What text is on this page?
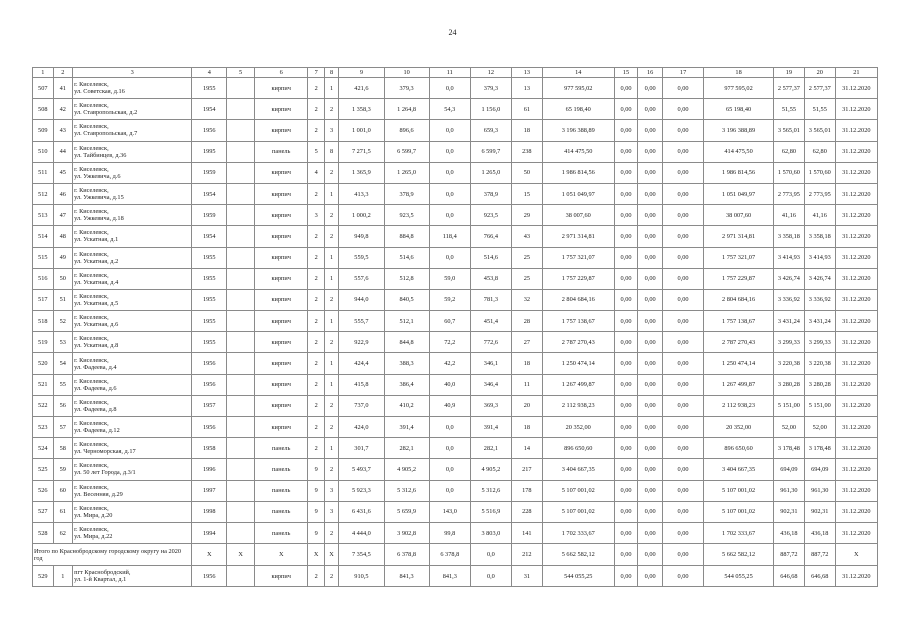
24
1	2	3	4	5	6	7	8	9	10	11	12	13	14	15	16	17	18	19	20	21
507	41	г. Киселевск,
ул. Советская, д.16	1955		кирпич	2	1	421,6	379,3	0,0	379,3	13	977 595,02	0,00	0,00	0,00	977 595,02	2 577,37	2 577,37	31.12.2020
508	42	г. Киселевск,
ул. Ставропольская, д.2	1954		кирпич	2	2	1 358,3	1 264,8	54,3	1 156,0	61	65 198,40	0,00	0,00	0,00	65 198,40	51,55	51,55	31.12.2020
509	43	г. Киселевск,
ул. Ставропольская, д.7	1956		кирпич	2	3	1 001,0	896,6	0,0	659,3	18	3 196 388,89	0,00	0,00	0,00	3 196 388,89	3 565,01	3 565,01	31.12.2020
510	44	г. Киселевск,
ул. Тайбинцев, д.36	1995		панель	5	8	7 271,5	6 599,7	0,0	6 599,7	238	414 475,50	0,00	0,00	0,00	414 475,50	62,80	62,80	31.12.2020
511	45	г. Киселевск,
ул. Ужкевича, д.6	1959		кирпич	4	2	1 365,9	1 265,0	0,0	1 265,0	50	1 986 814,56	0,00	0,00	0,00	1 986 814,56	1 570,60	1 570,60	31.12.2020
512	46	г. Киселевск,
ул. Ужкевича, д.15	1954		кирпич	2	1	413,3	378,9	0,0	378,9	15	1 051 049,97	0,00	0,00	0,00	1 051 049,97	2 773,95	2 773,95	31.12.2020
513	47	г. Киселевск,
ул. Ужкевича, д.18	1959		кирпич	3	2	1 000,2	923,5	0,0	923,5	29	38 007,60	0,00	0,00	0,00	38 007,60	41,16	41,16	31.12.2020
514	48	г. Киселевск,
ул. Ускатная, д.1	1954		кирпич	2	2	949,8	884,8	118,4	766,4	43	2 971 314,81	0,00	0,00	0,00	2 971 314,81	3 358,18	3 358,18	31.12.2020
515	49	г. Киселевск,
ул. Ускатная, д.2	1955		кирпич	2	1	559,5	514,6	0,0	514,6	25	1 757 321,07	0,00	0,00	0,00	1 757 321,07	3 414,93	3 414,93	31.12.2020
516	50	г. Киселевск,
ул. Ускатная, д.4	1955		кирпич	2	1	557,6	512,8	59,0	453,8	25	1 757 229,87	0,00	0,00	0,00	1 757 229,87	3 426,74	3 426,74	31.12.2020
517	51	г. Киселевск,
ул. Ускатная, д.5	1955		кирпич	2	2	944,0	840,5	59,2	781,3	32	2 804 684,16	0,00	0,00	0,00	2 804 684,16	3 336,92	3 336,92	31.12.2020
518	52	г. Киселевск,
ул. Ускатная, д.6	1955		кирпич	2	1	555,7	512,1	60,7	451,4	28	1 757 138,67	0,00	0,00	0,00	1 757 138,67	3 431,24	3 431,24	31.12.2020
519	53	г. Киселевск,
ул. Ускатная, д.8	1955		кирпич	2	2	922,9	844,8	72,2	772,6	27	2 787 270,43	0,00	0,00	0,00	2 787 270,43	3 299,33	3 299,33	31.12.2020
520	54	г. Киселевск,
ул. Фадеева, д.4	1956		кирпич	2	1	424,4	388,3	42,2	346,1	18	1 250 474,14	0,00	0,00	0,00	1 250 474,14	3 220,38	3 220,38	31.12.2020
521	55	г. Киселевск,
ул. Фадеева, д.6	1956		кирпич	2	1	415,8	386,4	40,0	346,4	11	1 267 499,87	0,00	0,00	0,00	1 267 499,87	3 280,28	3 280,28	31.12.2020
522	56	г. Киселевск,
ул. Фадеева, д.8	1957		кирпич	2	2	737,0	410,2	40,9	369,3	20	2 112 938,23	0,00	0,00	0,00	2 112 938,23	5 151,00	5 151,00	31.12.2020
523	57	г. Киселевск,
ул. Фадеева, д.12	1956		кирпич	2	2	424,0	391,4	0,0	391,4	18	20 352,00	0,00	0,00	0,00	20 352,00	52,00	52,00	31.12.2020
524	58	г. Киселевск,
ул. Черноморская, д.17	1958		панель	2	1	301,7	282,1	0,0	282,1	14	896 650,60	0,00	0,00	0,00	896 650,60	3 178,48	3 178,48	31.12.2020
525	59	г. Киселевск,
ул. 50 лет Города, д.3/1	1996		панель	9	2	5 493,7	4 905,2	0,0	4 905,2	217	3 404 667,35	0,00	0,00	0,00	3 404 667,35	694,09	694,09	31.12.2020
526	60	г. Киселевск,
ул. Весенняя, д.29	1997		панель	9	3	5 923,3	5 312,6	0,0	5 312,6	178	5 107 001,02	0,00	0,00	0,00	5 107 001,02	961,30	961,30	31.12.2020
527	61	г. Киселевск,
ул. Мира, д.20	1998		панель	9	3	6 431,6	5 659,9	143,0	5 516,9	228	5 107 001,02	0,00	0,00	0,00	5 107 001,02	902,31	902,31	31.12.2020
528	62	г. Киселевск,
ул. Мира, д.22	1994		панель	9	2	4 444,0	3 902,8	99,8	3 803,0	141	1 702 333,67	0,00	0,00	0,00	1 702 333,67	436,18	436,18	31.12.2020
Итого по Краснобродскому городскому округу на 2020 год			X	X	X	X	X	7 354,5	6 378,8	6 378,8	0,0	212	5 662 582,12	0,00	0,00	0,00	5 662 582,12	887,72	887,72	X
529	1	пгт Краснобродский,
ул. 1-й Квартал, д.1	1956		кирпич	2	2	910,5	841,3	841,3	0,0	31	544 055,25	0,00	0,00	0,00	544 055,25	646,68	646,68	31.12.2020
